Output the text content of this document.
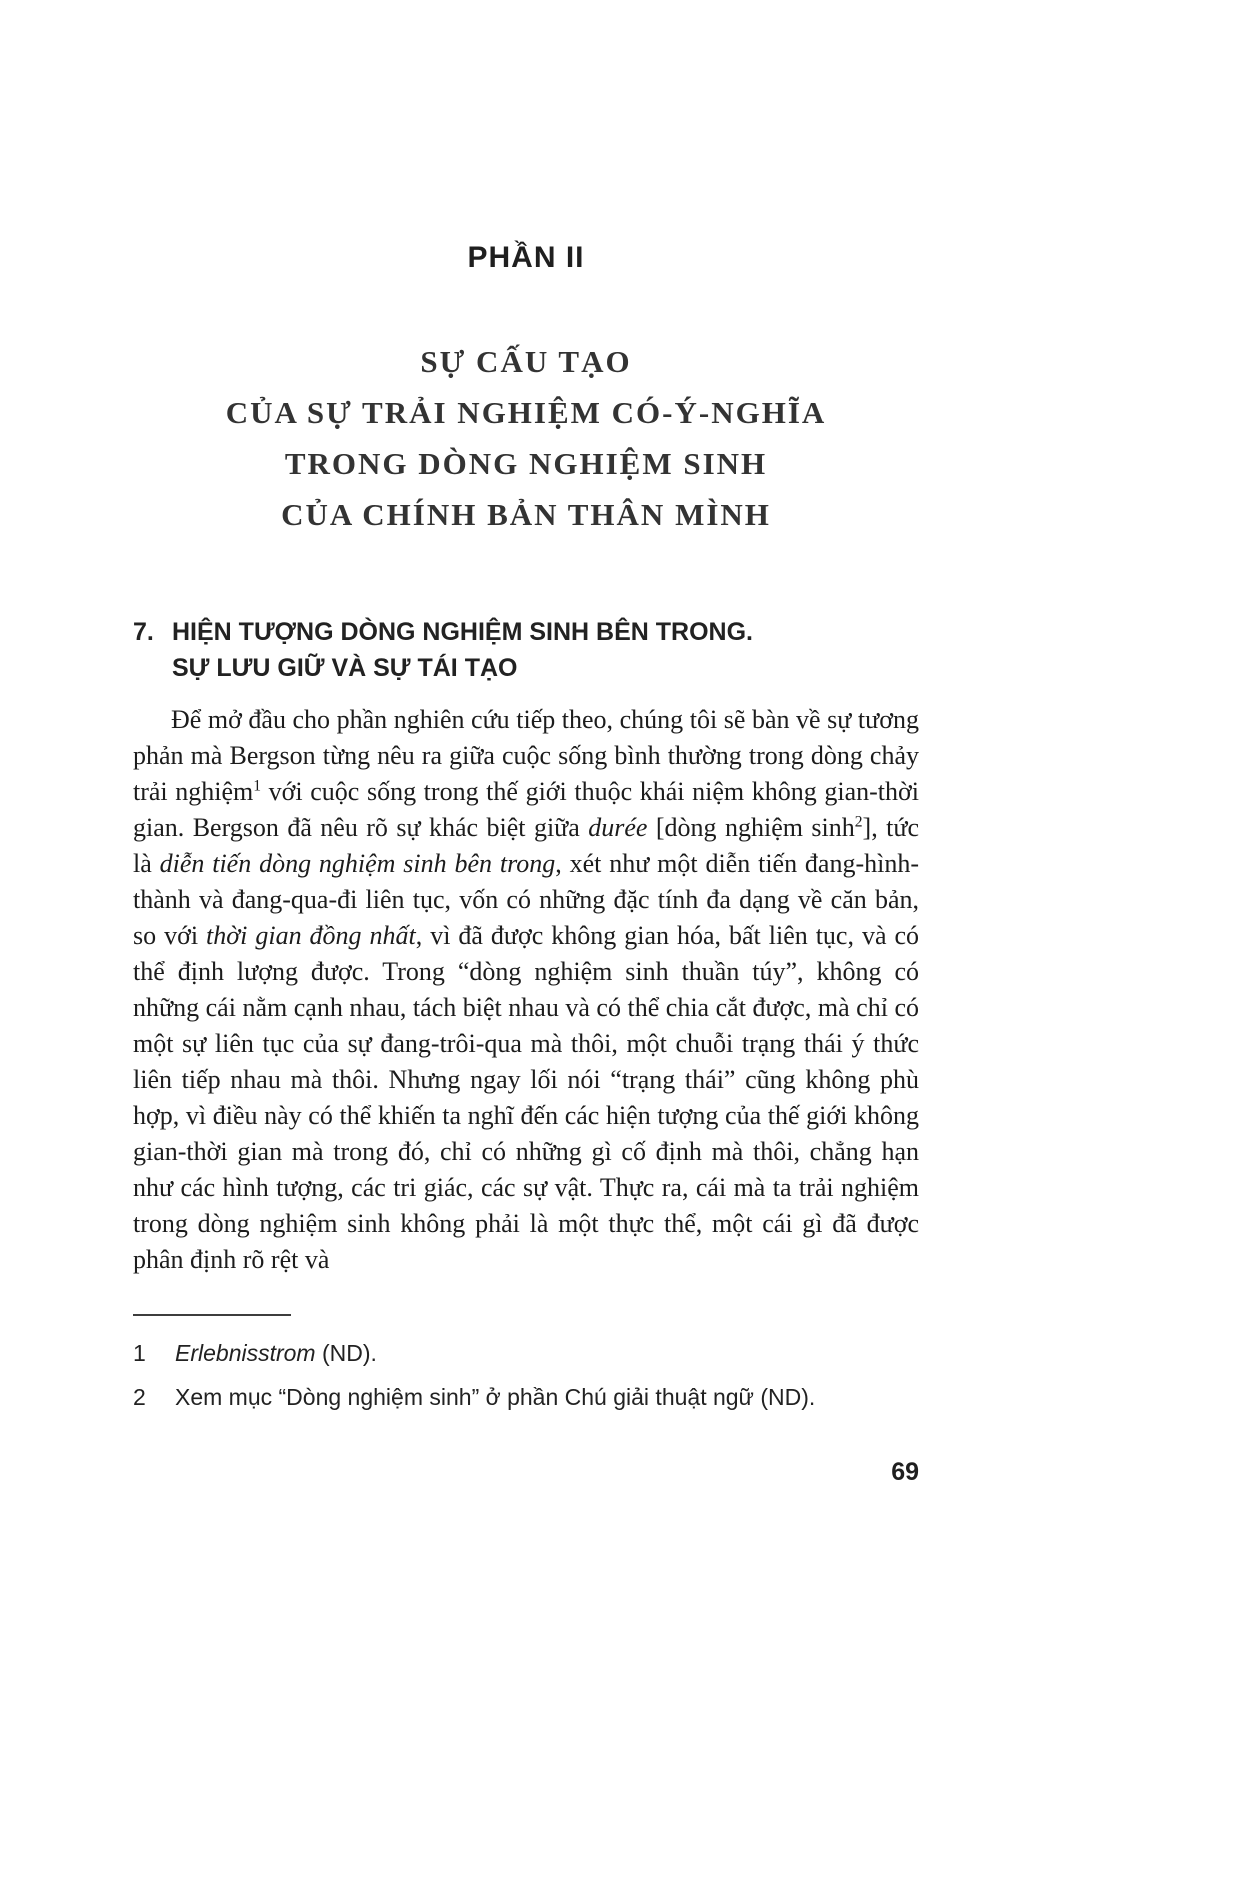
PHẦN II
SỰ CẤU TẠO
CỦA SỰ TRẢI NGHIỆM CÓ-Ý-NGHĨA
TRONG DÒNG NGHIỆM SINH
CỦA CHÍNH BẢN THÂN MÌNH
7. HIỆN TƯỢNG DÒNG NGHIỆM SINH BÊN TRONG.
SỰ LƯU GIỮ VÀ SỰ TÁI TẠO

Để mở đầu cho phần nghiên cứu tiếp theo, chúng tôi sẽ bàn về sự tương phản mà Bergson từng nêu ra giữa cuộc sống bình thường trong dòng chảy trải nghiệm$^1$ với cuộc sống trong thế giới thuộc khái niệm không gian-thời gian. Bergson đã nêu rõ sự khác biệt giữa durée [dòng nghiệm $\sinh^2$], tức là diễn tiến dòng nghiệm sinh bên trong, xét như một diễn tiến đang-hình-thành và đang-qua-đi liên tục, vốn có những đặc tính đa dạng về căn bản, so với thời gian đồng nhất, vì đã được không gian hóa, bất liên tục, và có thể định lượng được. Trong “dòng nghiệm sinh thuần túy”, không có những cái nằm cạnh nhau, tách biệt nhau và có thể chia cắt được, mà chỉ có một sự liên tục của sự đang-trôi-qua mà thôi, một chuỗi trạng thái ý thức liên tiếp nhau mà thôi. Nhưng ngay lối nói “trạng thái” cũng không phù hợp, vì điều này có thể khiến ta nghĩ đến các hiện tượng của thế giới không gian-thời gian mà trong đó, chỉ có những gì cố định mà thôi, chẳng hạn như các hình tượng, các tri giác, các sự vật. Thực ra, cái mà ta trải nghiệm trong dòng nghiệm sinh không phải là một thực thể, một cái gì đã được phân định rõ rệt và

1	Erlebnisstrom (ND).
2	Xem mục “Dòng nghiệm sinh” ở phần Chú giải thuật ngữ (ND).
69
